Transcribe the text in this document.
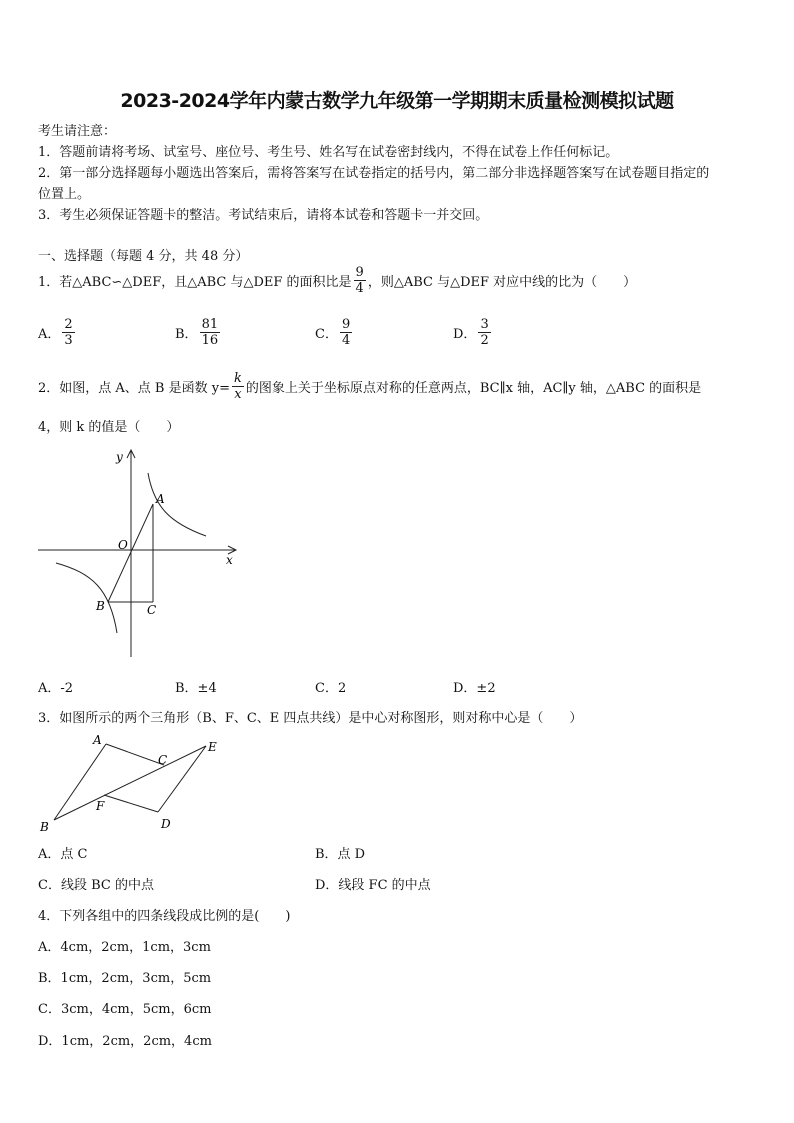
2023-2024学年内蒙古数学九年级第一学期期末质量检测模拟试题
考生请注意：
1．答题前请将考场、试室号、座位号、考生号、姓名写在试卷密封线内，不得在试卷上作任何标记。
2．第一部分选择题每小题选出答案后，需将答案写在试卷指定的括号内，第二部分非选择题答案写在试卷题目指定的
位置上。
3．考生必须保证答题卡的整洁。考试结束后，请将本试卷和答题卡一并交回。
一、选择题（每题 4 分，共 48 分）
1．若△ABC∽△DEF，且△ABC 与△DEF 的面积比是 $\frac{9}{4}$ ，则△ABC 与△DEF 对应中线的比为（　　）
A． $\frac{2}{3}$	B． $\frac{81}{16}$	C． $\frac{9}{4}$	D． $\frac{3}{2}$
2．如图，点 A、点 B 是函数 $y= \frac{k}{x}$ 的图象上关于坐标原点对称的任意两点，BC∥x 轴，AC∥y 轴，△ABC 的面积是
4，则 k 的值是（　　）
y
x
O
A
B	C
A．-2	B．±4	C．2	D．±2
3．如图所示的两个三角形（B、F、C、E 四点共线）是中心对称图形，则对称中心是（　　）
A
B
C
D
E
F
A．点 C	B．点 D
C．线段 BC 的中点	D．线段 FC 的中点
4．下列各组中的四条线段成比例的是(　　)
A．4cm，2cm，1cm，3cm
B．1cm，2cm，3cm，5cm
C．3cm，4cm，5cm，6cm
D．1cm，2cm，2cm，4cm
